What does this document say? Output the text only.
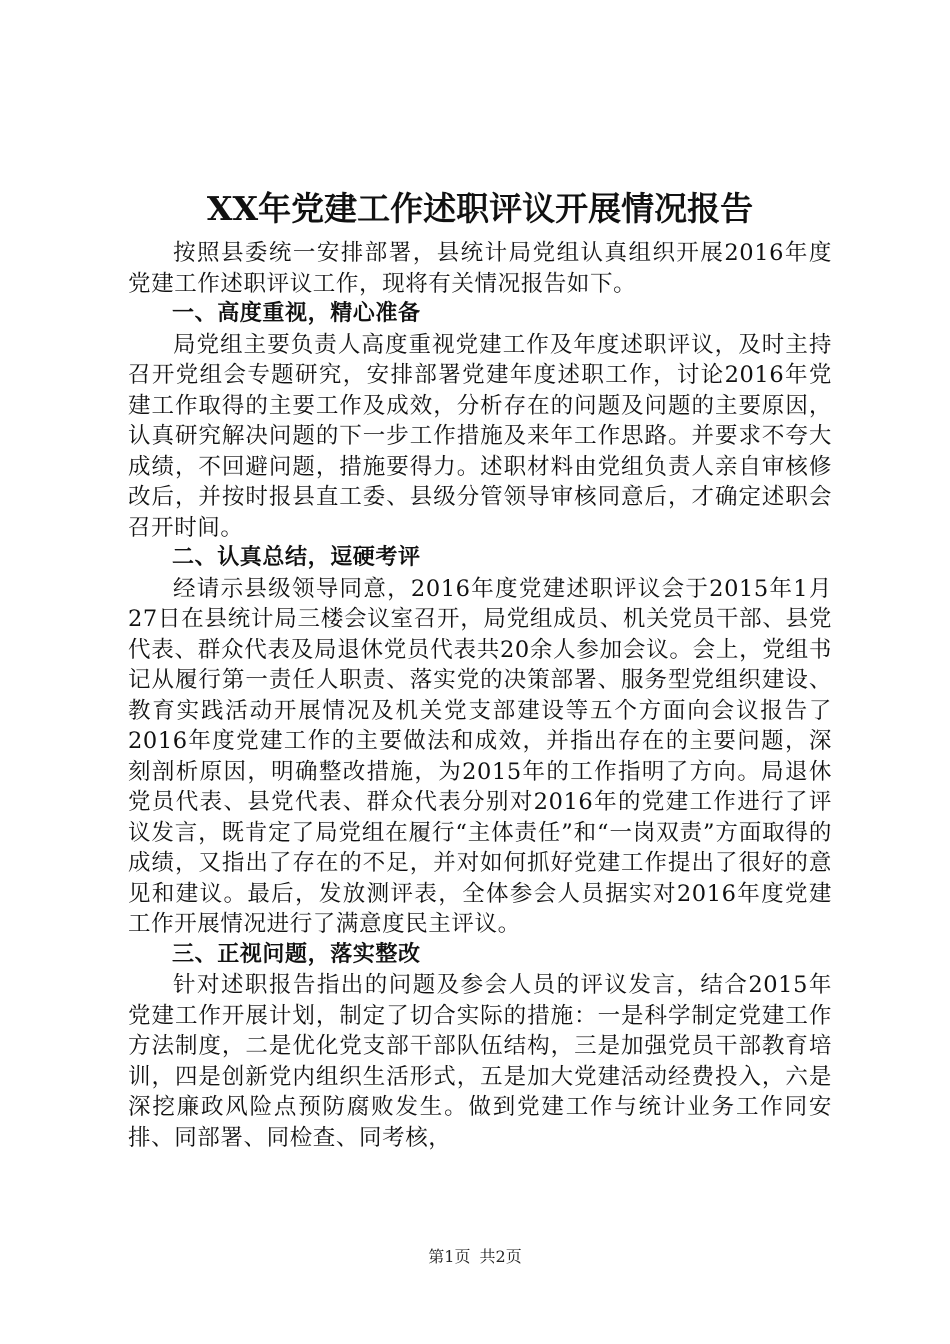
XX年党建工作述职评议开展情况报告

按照县委统一安排部署，县统计局党组认真组织开展2016年度党建工作述职评议工作，现将有关情况报告如下。

一、高度重视，精心准备

局党组主要负责人高度重视党建工作及年度述职评议，及时主持召开党组会专题研究，安排部署党建年度述职工作，讨论2016年党建工作取得的主要工作及成效，分析存在的问题及问题的主要原因，认真研究解决问题的下一步工作措施及来年工作思路。并要求不夸大成绩，不回避问题，措施要得力。述职材料由党组负责人亲自审核修改后，并按时报县直工委、县级分管领导审核同意后，才确定述职会召开时间。

二、认真总结，逗硬考评

经请示县级领导同意，2016年度党建述职评议会于2015年1月27日在县统计局三楼会议室召开，局党组成员、机关党员干部、县党代表、群众代表及局退休党员代表共20余人参加会议。会上，党组书记从履行第一责任人职责、落实党的决策部署、服务型党组织建设、教育实践活动开展情况及机关党支部建设等五个方面向会议报告了2016年度党建工作的主要做法和成效，并指出存在的主要问题，深刻剖析原因，明确整改措施，为2015年的工作指明了方向。局退休党员代表、县党代表、群众代表分别对2016年的党建工作进行了评议发言，既肯定了局党组在履行“主体责任”和“一岗双责”方面取得的成绩，又指出了存在的不足，并对如何抓好党建工作提出了很好的意见和建议。最后，发放测评表，全体参会人员据实对2016年度党建工作开展情况进行了满意度民主评议。

三、正视问题，落实整改

针对述职报告指出的问题及参会人员的评议发言，结合2015年党建工作开展计划，制定了切合实际的措施：一是科学制定党建工作方法制度，二是优化党支部干部队伍结构，三是加强党员干部教育培训，四是创新党内组织生活形式，五是加大党建活动经费投入，六是深挖廉政风险点预防腐败发生。做到党建工作与统计业务工作同安排、同部署、同检查、同考核，

第1页 共2页
